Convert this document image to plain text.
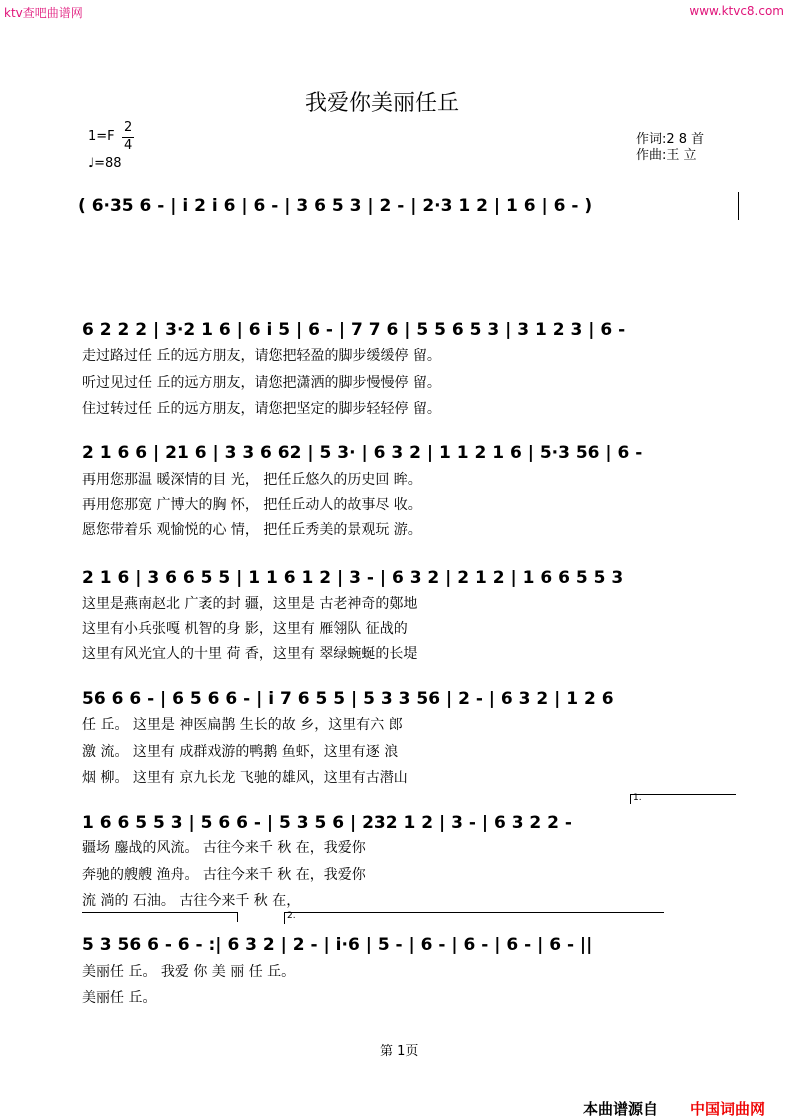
ktv查吧曲谱网	www.ktvc8.com
我爱你美丽任丘
1=F
2
4
♩=88
作词:2 8 首
作曲:王 立
( 6·35 6 - | i 2 i 6 | 6 - | 3 6 5 3 | 2 - | 2·3 1 2 | 1 6 | 6 - )
6 2 2 2 | 3·2 1 6 | 6 i 5 | 6 - | 7 7 6 | 5 5 6 5 3 | 3 1 2 3 | 6 -
走过路过任 丘的远方朋友，请您把轻盈的脚步缓缓停 留。
听过见过任 丘的远方朋友，请您把潇洒的脚步慢慢停 留。
住过转过任 丘的远方朋友，请您把坚定的脚步轻轻停 留。
2 1 6 6 | 21 6 | 3 3 6 62 | 5 3· | 6 3 2 | 1 1 2 1 6 | 5·3 56 | 6 -
再用您那温 暖深情的目 光， 把任丘悠久的历史回 眸。
再用您那宽 广博大的胸 怀， 把任丘动人的故事尽 收。
愿您带着乐 观愉悦的心 情， 把任丘秀美的景观玩 游。
2 1 6 | 3 6 6 5 5 | 1 1 6 1 2 | 3 - | 6 3 2 | 2 1 2 | 1 6 6 5 5 3
这里是燕南赵北 广袤的封 疆，这里是 古老神奇的鄚地
这里有小兵张嘎 机智的身 影，这里有 雁翎队 征战的
这里有风光宜人的十里 荷 香，这里有 翠绿蜿蜒的长堤
56 6 6 - | 6 5 6 6 - | i 7 6 5 5 | 5 3 3 56 | 2 - | 6 3 2 | 1 2 6
任 丘。 这里是 神医扁鹊 生长的故 乡，这里有六 郎
激 流。 这里有 成群戏游的鸭鹅 鱼虾，这里有逐 浪
烟 柳。 这里有 京九长龙 飞驰的雄风，这里有古潜山
1.
1 6 6 5 5 3 | 5 6 6 - | 5 3 5 6 | 232 1 2 | 3 - | 6 3 2 2 -
疆场 鏖战的风流。 古往今来千 秋 在，我爱你
奔驰的艘艘 渔舟。 古往今来千 秋 在，我爱你
流 淌的 石油。 古往今来千 秋 在，
2.
5 3 56 6 - 6 - :| 6 3 2 | 2 - | i·6 | 5 - | 6 - | 6 - | 6 - | 6 - ||
美丽任 丘。 我爱 你 美 丽 任 丘。
美丽任 丘。
第 1页
本曲谱源自 中国词曲网
